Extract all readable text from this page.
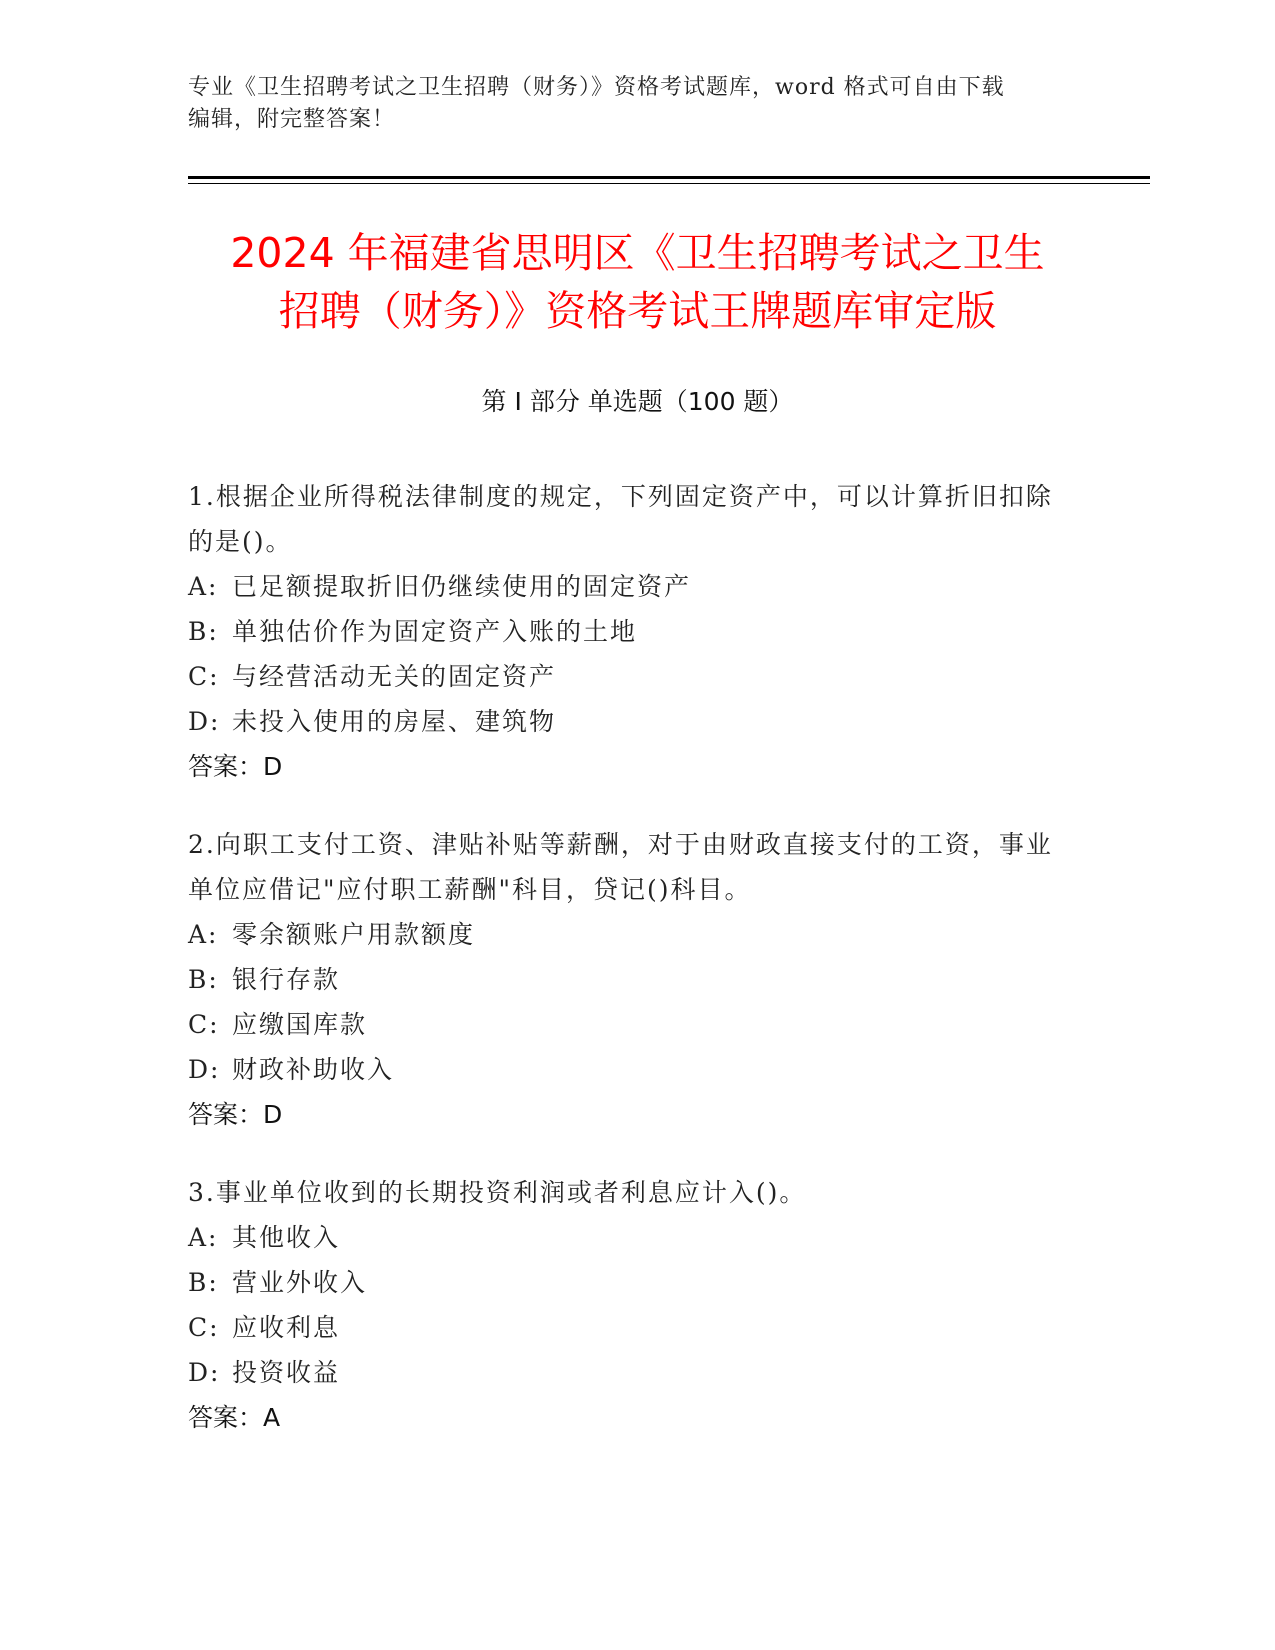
专业《卫生招聘考试之卫生招聘（财务）》资格考试题库，word 格式可自由下载
编辑，附完整答案！
2024 年福建省思明区《卫生招聘考试之卫生
招聘（财务）》资格考试王牌题库审定版
第 I 部分 单选题（100 题）
1.根据企业所得税法律制度的规定，下列固定资产中，可以计算折旧扣除的是()。
A: 已足额提取折旧仍继续使用的固定资产
B: 单独估价作为固定资产入账的土地
C: 与经营活动无关的固定资产
D: 未投入使用的房屋、建筑物
答案：D
2.向职工支付工资、津贴补贴等薪酬，对于由财政直接支付的工资，事业单位应借记"应付职工薪酬"科目，贷记()科目。
A: 零余额账户用款额度
B: 银行存款
C: 应缴国库款
D: 财政补助收入
答案：D
3.事业单位收到的长期投资利润或者利息应计入()。
A: 其他收入
B: 营业外收入
C: 应收利息
D: 投资收益
答案：A
